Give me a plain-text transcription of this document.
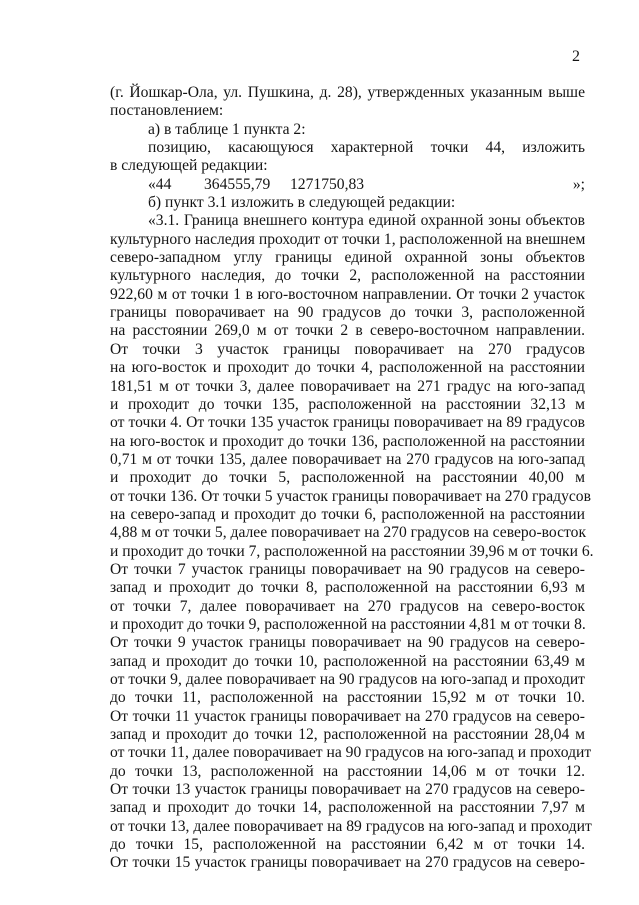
2
(г. Йошкар-Ола, ул. Пушкина, д. 28), утвержденных указанным выше
постановлением:
а) в таблице 1 пункта 2:
позицию, касающуюся характерной точки 44, изложить
в следующей редакции:
«44	364555,79	1271750,83	»;
б) пункт 3.1 изложить в следующей редакции:
«3.1. Граница внешнего контура единой охранной зоны объектов
культурного наследия проходит от точки 1, расположенной на внешнем
северо-западном углу границы единой охранной зоны объектов
культурного наследия, до точки 2, расположенной на расстоянии
922,60 м от точки 1 в юго-восточном направлении. От точки 2 участок
границы поворачивает на 90 градусов до точки 3, расположенной
на расстоянии 269,0 м от точки 2 в северо-восточном направлении.
От точки 3 участок границы поворачивает на 270 градусов
на юго-восток и проходит до точки 4, расположенной на расстоянии
181,51 м от точки 3, далее поворачивает на 271 градус на юго-запад
и проходит до точки 135, расположенной на расстоянии 32,13 м
от точки 4. От точки 135 участок границы поворачивает на 89 градусов
на юго-восток и проходит до точки 136, расположенной на расстоянии
0,71 м от точки 135, далее поворачивает на 270 градусов на юго-запад
и проходит до точки 5, расположенной на расстоянии 40,00 м
от точки 136. От точки 5 участок границы поворачивает на 270 градусов
на северо-запад и проходит до точки 6, расположенной на расстоянии
4,88 м от точки 5, далее поворачивает на 270 градусов на северо-восток
и проходит до точки 7, расположенной на расстоянии 39,96 м от точки 6.
От точки 7 участок границы поворачивает на 90 градусов на северо-
запад и проходит до точки 8, расположенной на расстоянии 6,93 м
от точки 7, далее поворачивает на 270 градусов на северо-восток
и проходит до точки 9, расположенной на расстоянии 4,81 м от точки 8.
От точки 9 участок границы поворачивает на 90 градусов на северо-
запад и проходит до точки 10, расположенной на расстоянии 63,49 м
от точки 9, далее поворачивает на 90 градусов на юго-запад и проходит
до точки 11, расположенной на расстоянии 15,92 м от точки 10.
От точки 11 участок границы поворачивает на 270 градусов на северо-
запад и проходит до точки 12, расположенной на расстоянии 28,04 м
от точки 11, далее поворачивает на 90 градусов на юго-запад и проходит
до точки 13, расположенной на расстоянии 14,06 м от точки 12.
От точки 13 участок границы поворачивает на 270 градусов на северо-
запад и проходит до точки 14, расположенной на расстоянии 7,97 м
от точки 13, далее поворачивает на 89 градусов на юго-запад и проходит
до точки 15, расположенной на расстоянии 6,42 м от точки 14.
От точки 15 участок границы поворачивает на 270 градусов на северо-
